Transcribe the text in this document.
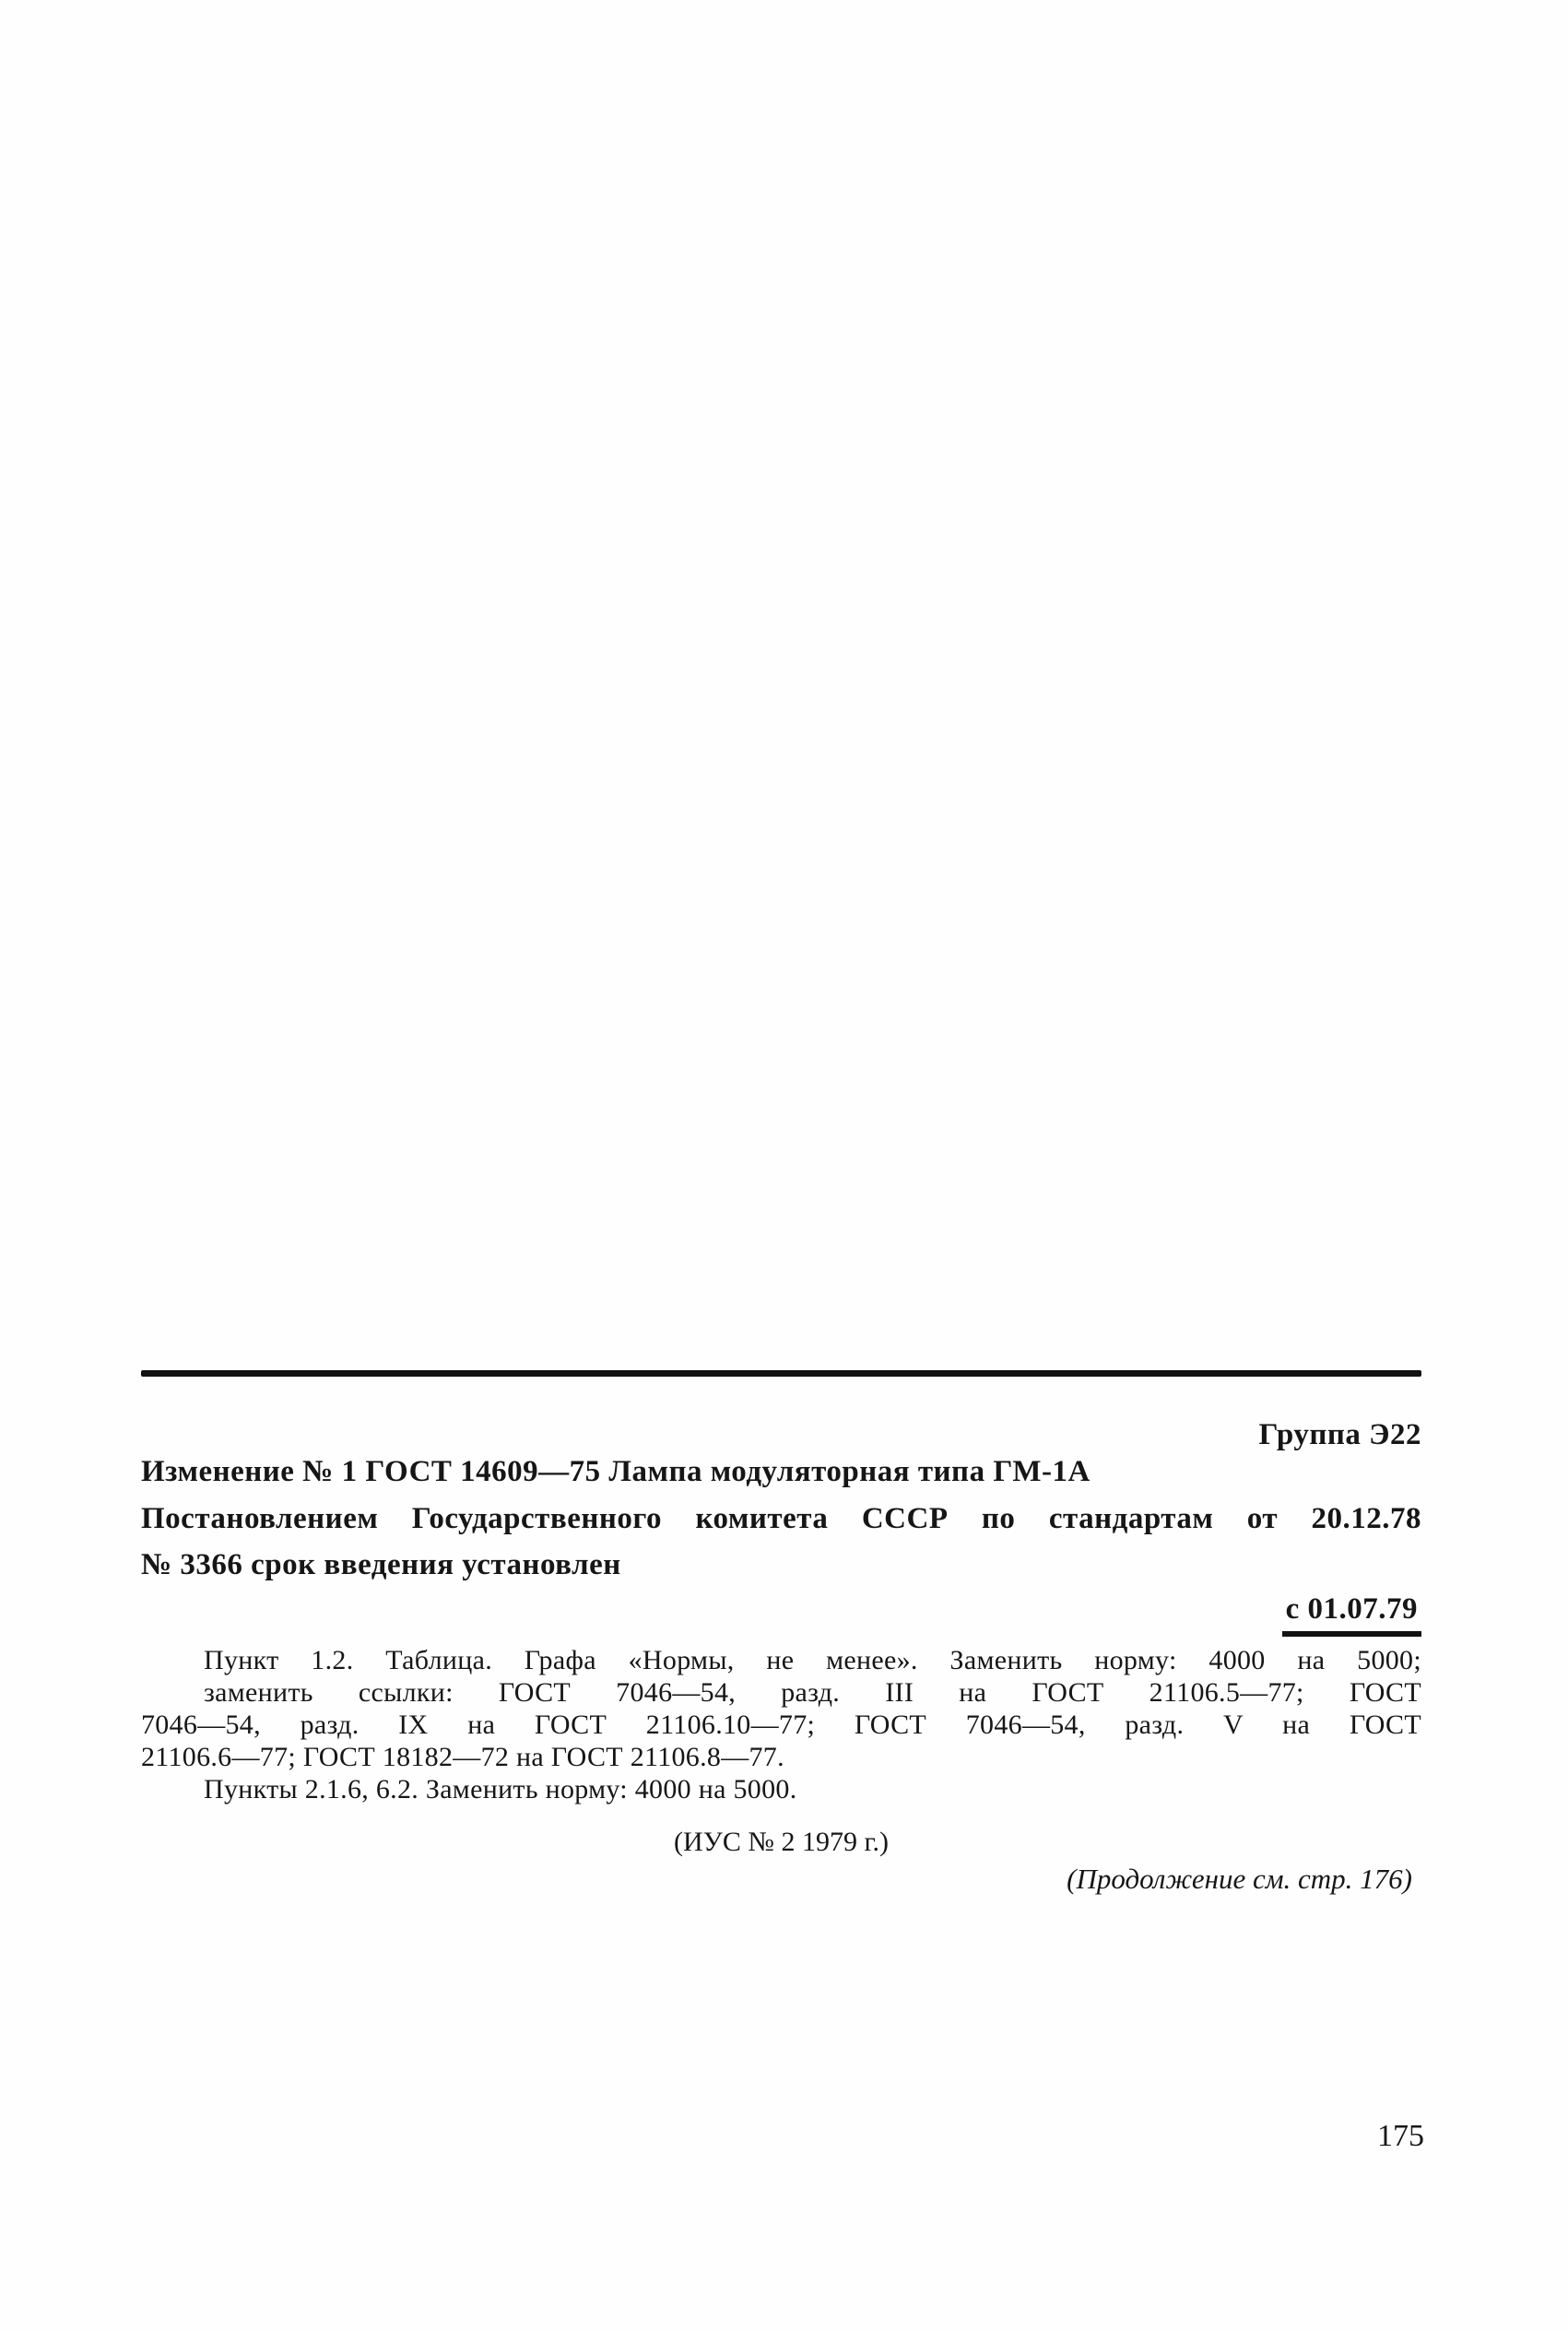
Группа Э22
Изменение № 1 ГОСТ 14609—75 Лампа модуляторная типа ГМ-1А
Постановлением Государственного комитета СССР по стандартам от 20.12.78
№ 3366 срок введения установлен
с 01.07.79
Пункт 1.2. Таблица. Графа «Нормы, не менее». Заменить норму: 4000 на 5000;
заменить ссылки: ГОСТ 7046—54, разд. III на ГОСТ 21106.5—77; ГОСТ
7046—54, разд. IX на ГОСТ 21106.10—77; ГОСТ 7046—54, разд. V на ГОСТ
21106.6—77; ГОСТ 18182—72 на ГОСТ 21106.8—77.
Пункты 2.1.6, 6.2. Заменить норму: 4000 на 5000.
(ИУС № 2 1979 г.)
(Продолжение см. стр. 176)
175
